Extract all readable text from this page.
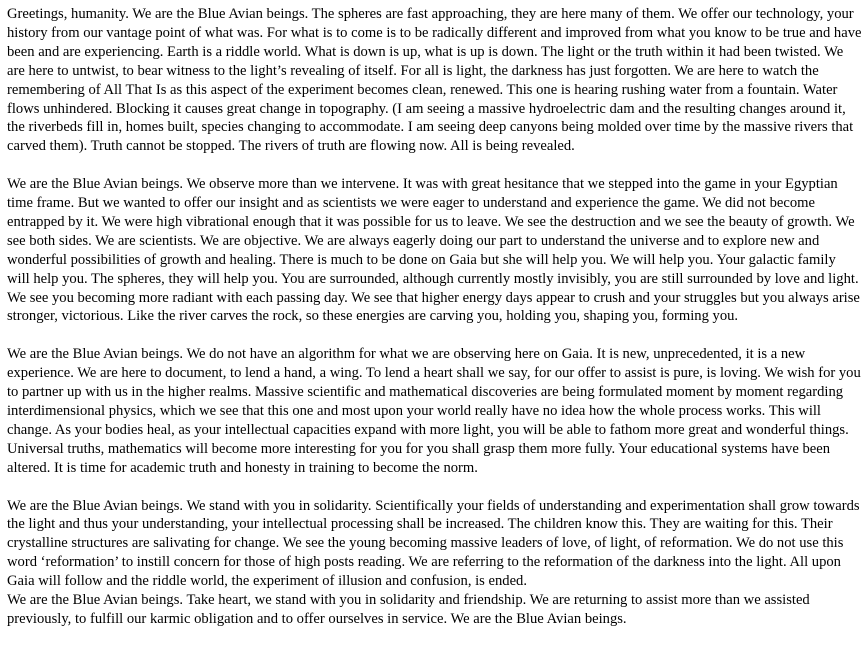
Greetings, humanity. We are the Blue Avian beings. The spheres are fast approaching, they are here many of them. We offer our technology, your history from our vantage point of what was. For what is to come is to be radically different and improved from what you know to be true and have been and are experiencing. Earth is a riddle world. What is down is up, what is up is down. The light or the truth within it had been twisted. We are here to untwist, to bear witness to the light’s revealing of itself. For all is light, the darkness has just forgotten. We are here to watch the remembering of All That Is as this aspect of the experiment becomes clean, renewed. This one is hearing rushing water from a fountain. Water flows unhindered. Blocking it causes great change in topography. (I am seeing a massive hydroelectric dam and the resulting changes around it, the riverbeds fill in, homes built, species changing to accommodate. I am seeing deep canyons being molded over time by the massive rivers that carved them). Truth cannot be stopped. The rivers of truth are flowing now. All is being revealed.

We are the Blue Avian beings. We observe more than we intervene. It was with great hesitance that we stepped into the game in your Egyptian time frame. But we wanted to offer our insight and as scientists we were eager to understand and experience the game. We did not become entrapped by it. We were high vibrational enough that it was possible for us to leave. We see the destruction and we see the beauty of growth. We see both sides. We are scientists. We are objective. We are always eagerly doing our part to understand the universe and to explore new and wonderful possibilities of growth and healing. There is much to be done on Gaia but she will help you. We will help you. Your galactic family will help you. The spheres, they will help you. You are surrounded, although currently mostly invisibly, you are still surrounded by love and light. We see you becoming more radiant with each passing day. We see that higher energy days appear to crush and your struggles but you always arise stronger, victorious. Like the river carves the rock, so these energies are carving you, holding you, shaping you, forming you.

We are the Blue Avian beings. We do not have an algorithm for what we are observing here on Gaia. It is new, unprecedented, it is a new experience. We are here to document, to lend a hand, a wing. To lend a heart shall we say, for our offer to assist is pure, is loving. We wish for you to partner up with us in the higher realms. Massive scientific and mathematical discoveries are being formulated moment by moment regarding interdimensional physics, which we see that this one and most upon your world really have no idea how the whole process works. This will change. As your bodies heal, as your intellectual capacities expand with more light, you will be able to fathom more great and wonderful things. Universal truths, mathematics will become more interesting for you for you shall grasp them more fully. Your educational systems have been altered. It is time for academic truth and honesty in training to become the norm.

We are the Blue Avian beings. We stand with you in solidarity. Scientifically your fields of understanding and experimentation shall grow towards the light and thus your understanding, your intellectual processing shall be increased. The children know this. They are waiting for this. Their crystalline structures are salivating for change. We see the young becoming massive leaders of love, of light, of reformation. We do not use this word ‘reformation’ to instill concern for those of high posts reading. We are referring to the reformation of the darkness into the light. All upon Gaia will follow and the riddle world, the experiment of illusion and confusion, is ended.

We are the Blue Avian beings. Take heart, we stand with you in solidarity and friendship. We are returning to assist more than we assisted previously, to fulfill our karmic obligation and to offer ourselves in service. We are the Blue Avian beings.
